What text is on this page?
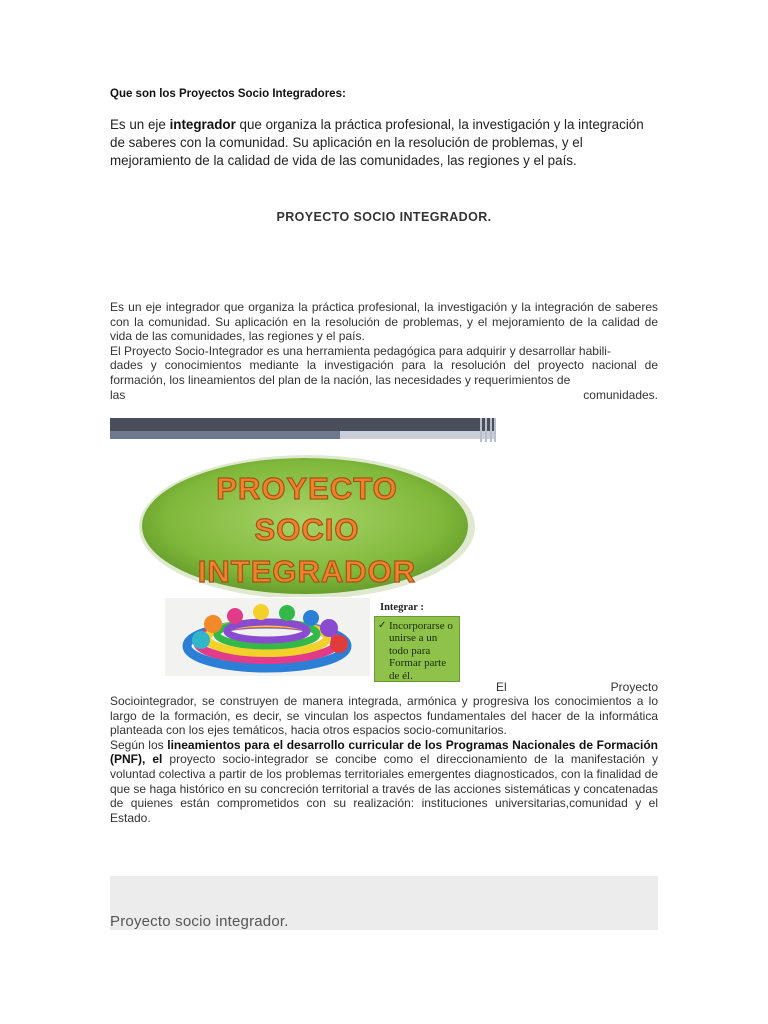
Que son los Proyectos Socio Integradores:
Es un eje integrador que organiza la práctica profesional, la investigación y la integración de saberes con la comunidad. Su aplicación en la resolución de problemas, y el mejoramiento de la calidad de vida de las comunidades, las regiones y el país.
PROYECTO SOCIO INTEGRADOR.

Es un eje integrador que organiza la práctica profesional, la investigación y la integración de saberes con la comunidad. Su aplicación en la resolución de problemas, y el mejoramiento de la calidad de vida de las comunidades, las regiones y el país.

El Proyecto Socio-Integrador es una herramienta pedagógica para adquirir y desarrollar habili-

dades y conocimientos mediante la investigación para la resolución del proyecto nacional de formación, los lineamientos del plan de la nación, las necesidades y requerimientos de

las	comunidades.

PROYECTO
SOCIO
INTEGRADOR
Integrar :
✓ Incorporarse o unirse a un todo para Formar parte de él.
El	Proyecto

Sociointegrador, se construyen de manera integrada, armónica y progresiva los conocimientos a lo largo de la formación, es decir, se vinculan los aspectos fundamentales del hacer de la informática planteada con los ejes temáticos, hacia otros espacios socio-comunitarios.

Según los lineamientos para el desarrollo curricular de los Programas Nacionales de Formación (PNF), el proyecto socio-integrador se concibe como el direccionamiento de la manifestación y voluntad colectiva a partir de los problemas territoriales emergentes diagnosticados, con la finalidad de que se haga histórico en su concreción territorial a través de las acciones sistemáticas y concatenadas de quienes están comprometidos con su realización: instituciones universitarias,comunidad y el Estado.

Proyecto socio integrador.
